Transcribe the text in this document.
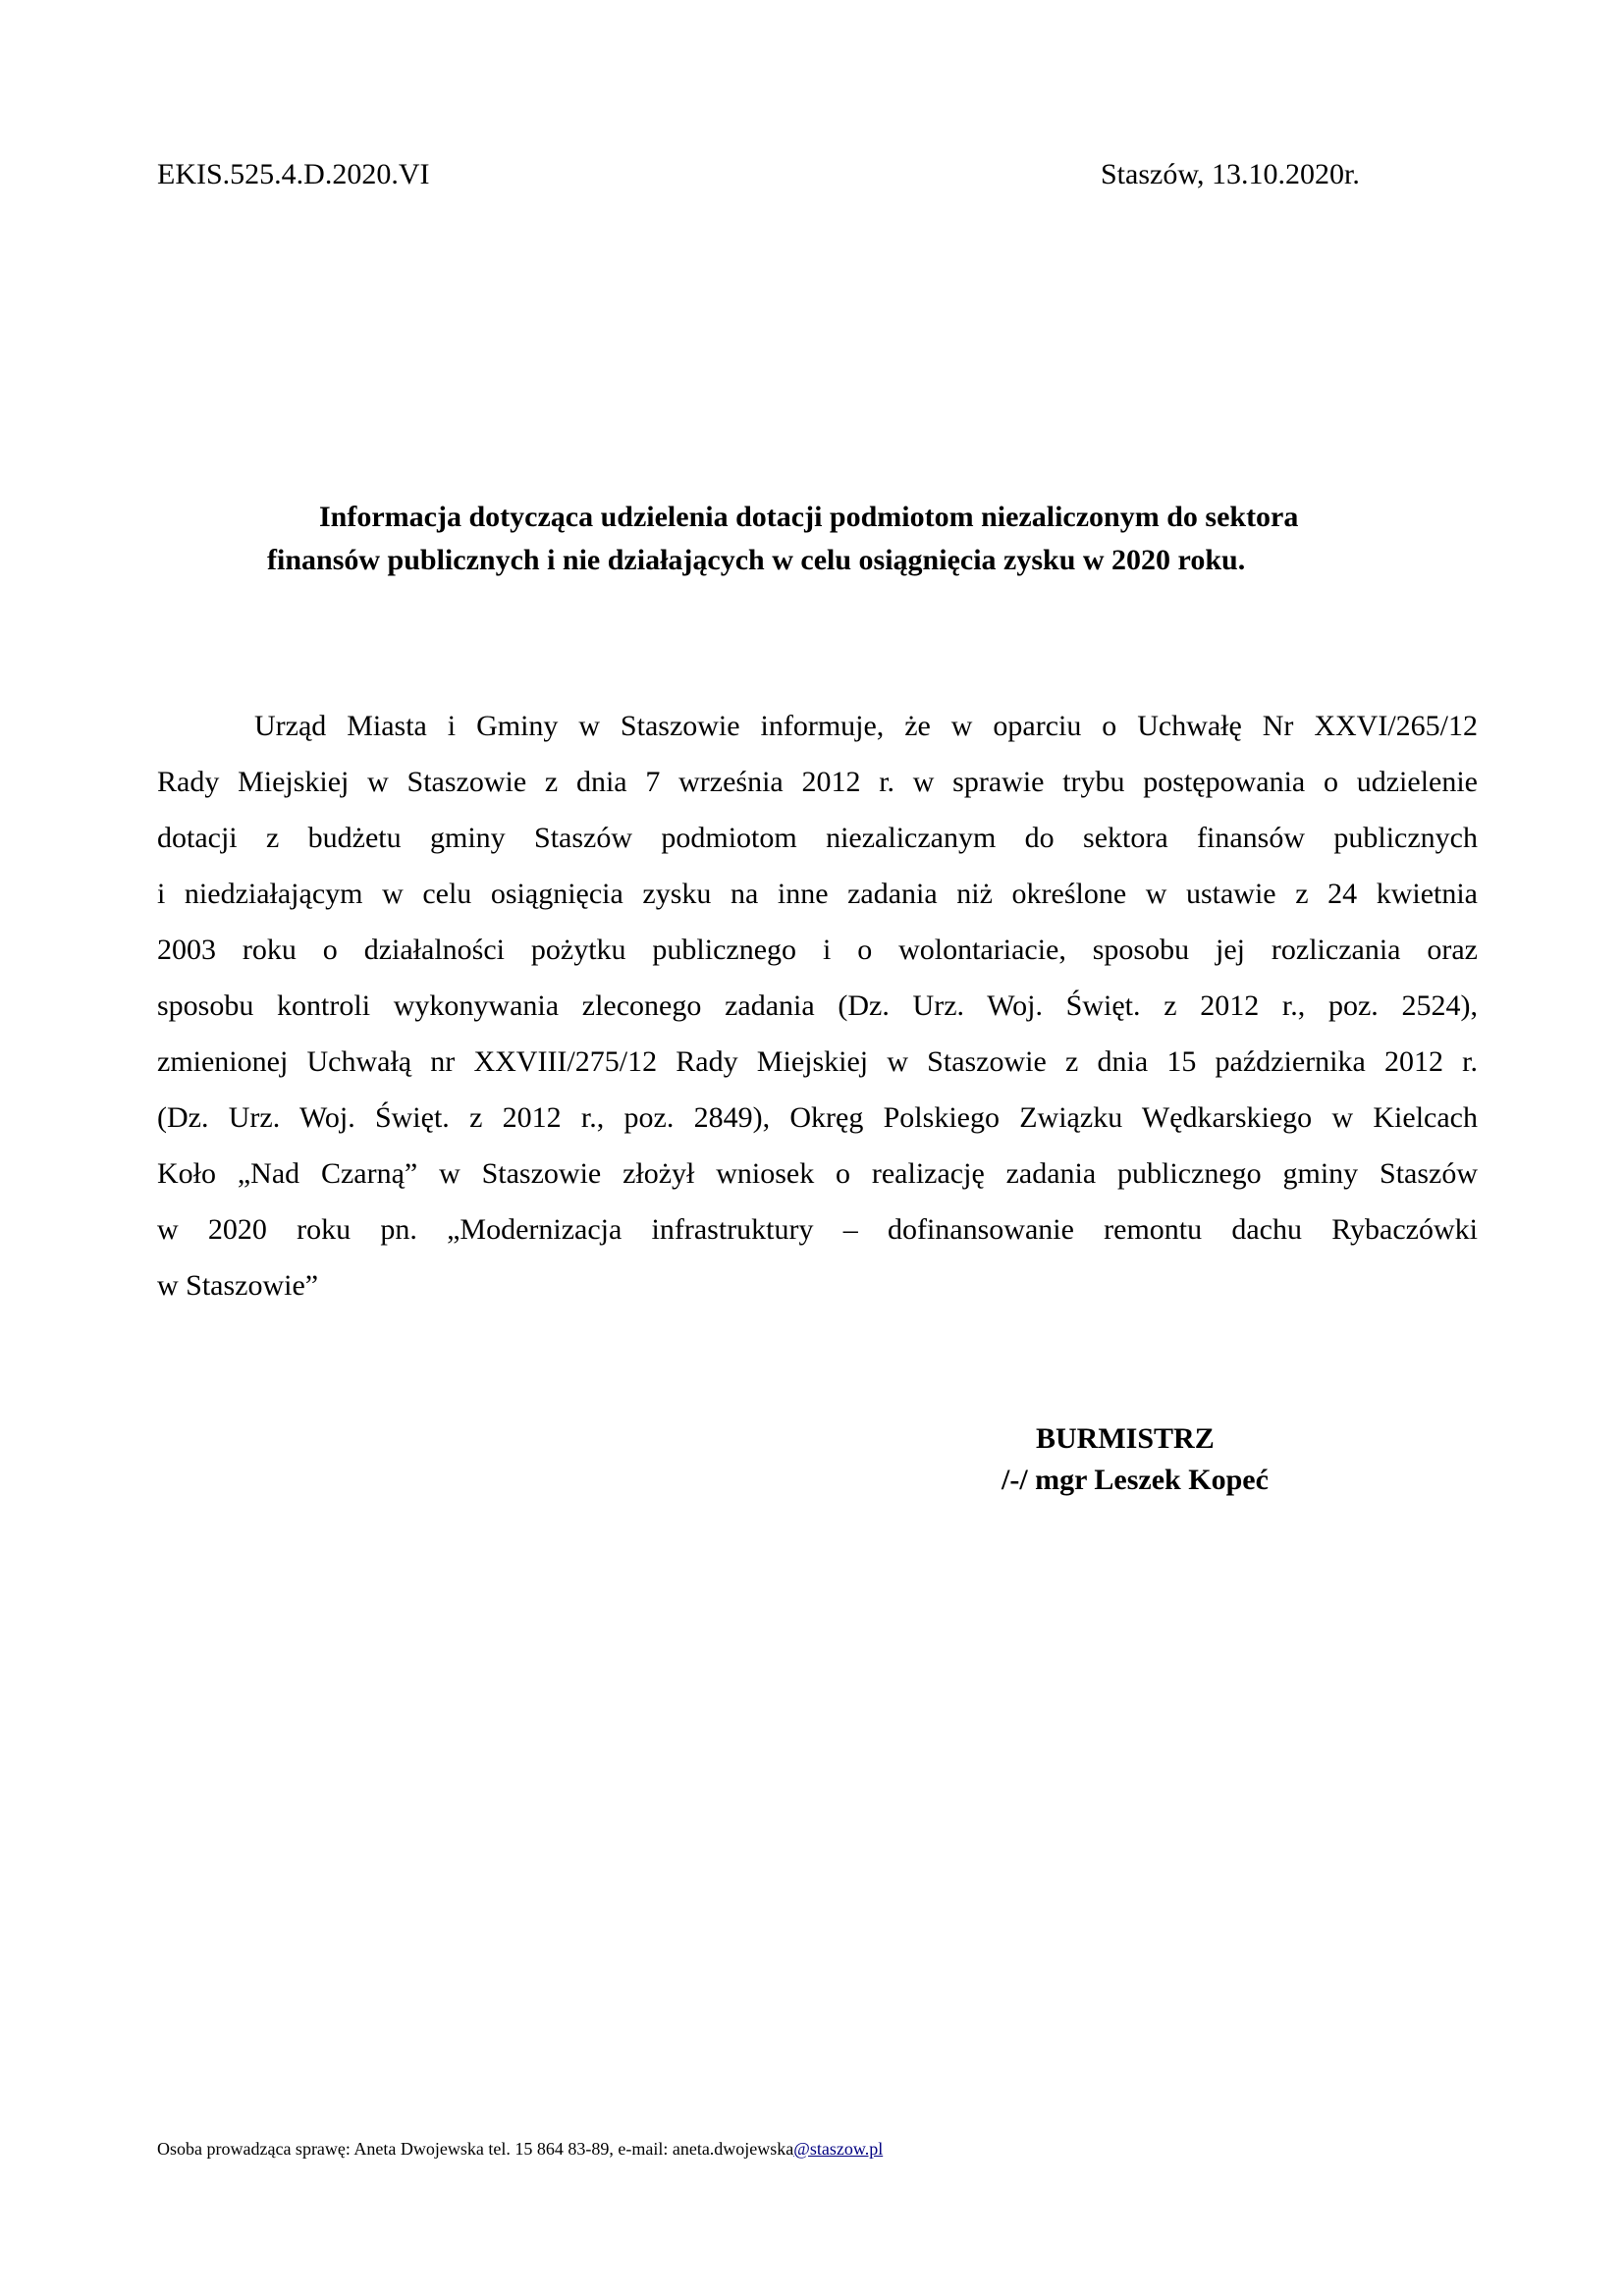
EKIS.525.4.D.2020.VI	Staszów, 13.10.2020r.
Informacja dotycząca udzielenia dotacji podmiotom niezaliczonym do sektora
finansów publicznych i nie działających w celu osiągnięcia zysku w 2020 roku.
Urząd Miasta i Gminy w Staszowie informuje, że w oparciu o Uchwałę Nr XXVI/265/12
Rady Miejskiej w Staszowie z dnia 7 września 2012 r. w sprawie trybu postępowania o udzielenie
dotacji z budżetu gminy Staszów podmiotom niezaliczanym do sektora finansów publicznych
i niedziałającym w celu osiągnięcia zysku na inne zadania niż określone w ustawie z 24 kwietnia
2003 roku o działalności pożytku publicznego i o wolontariacie, sposobu jej rozliczania oraz
sposobu kontroli wykonywania zleconego zadania (Dz. Urz. Woj. Święt. z 2012 r., poz. 2524),
zmienionej Uchwałą nr XXVIII/275/12 Rady Miejskiej w Staszowie z dnia 15 października 2012 r.
(Dz. Urz. Woj. Święt. z 2012 r., poz. 2849), Okręg Polskiego Związku Wędkarskiego w Kielcach
Koło „Nad Czarną” w Staszowie złożył wniosek o realizację zadania publicznego gminy Staszów
w 2020 roku pn. „Modernizacja infrastruktury – dofinansowanie remontu dachu Rybaczówki
w Staszowie”
BURMISTRZ
/-/ mgr Leszek Kopeć
Osoba prowadząca sprawę: Aneta Dwojewska tel. 15 864 83-89, e-mail: aneta.dwojewska@staszow.pl
